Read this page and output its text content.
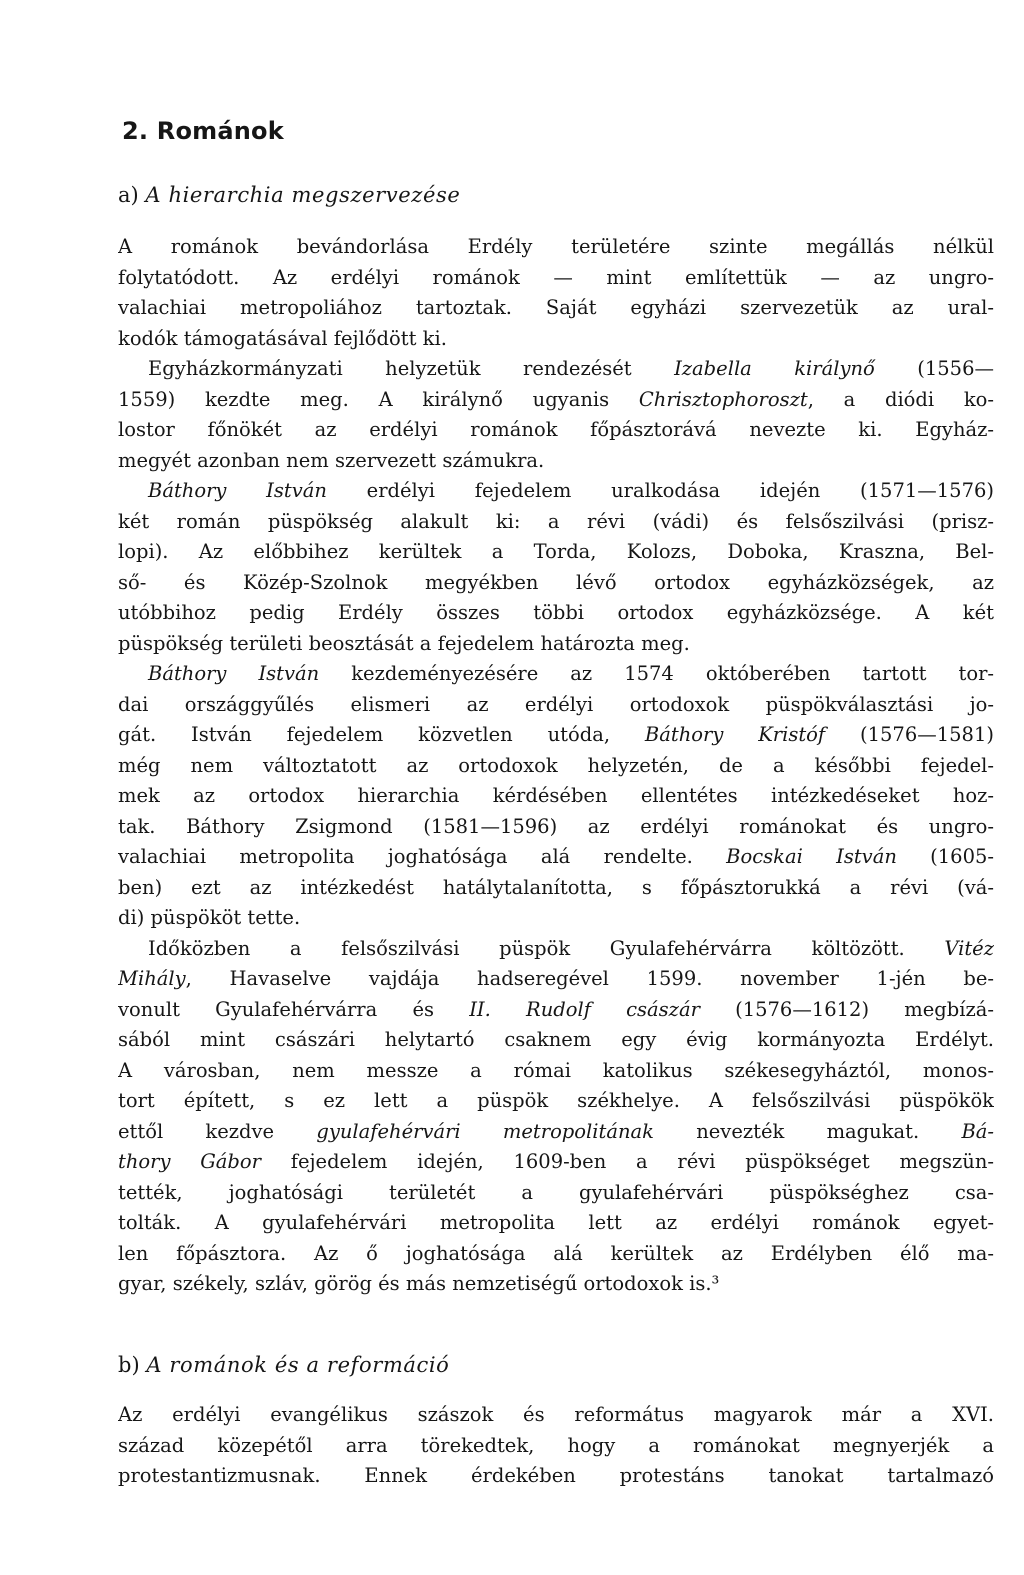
2. Románok
a) A hierarchia megszervezése
A románok bevándorlása Erdély területére szinte megállás nélkül
folytatódott. Az erdélyi románok — mint említettük — az ungro-
valachiai metropoliához tartoztak. Saját egyházi szervezetük az ural-
kodók támogatásával fejlődött ki.
Egyházkormányzati helyzetük rendezését Izabella királynő (1556—
1559) kezdte meg. A királynő ugyanis Chrisztophoroszt, a diódi ko-
lostor főnökét az erdélyi románok főpásztorává nevezte ki. Egyház-
megyét azonban nem szervezett számukra.
Báthory István erdélyi fejedelem uralkodása idején (1571—1576)
két román püspökség alakult ki: a révi (vádi) és felsőszilvási (prisz-
lopi). Az előbbihez kerültek a Torda, Kolozs, Doboka, Kraszna, Bel-
ső- és Közép-Szolnok megyékben lévő ortodox egyházközségek, az
utóbbihoz pedig Erdély összes többi ortodox egyházközsége. A két
püspökség területi beosztását a fejedelem határozta meg.
Báthory István kezdeményezésére az 1574 októberében tartott tor-
dai országgyűlés elismeri az erdélyi ortodoxok püspökválasztási jo-
gát. István fejedelem közvetlen utóda, Báthory Kristóf (1576—1581)
még nem változtatott az ortodoxok helyzetén, de a későbbi fejedel-
mek az ortodox hierarchia kérdésében ellentétes intézkedéseket hoz-
tak. Báthory Zsigmond (1581—1596) az erdélyi románokat és ungro-
valachiai metropolita joghatósága alá rendelte. Bocskai István (1605-
ben) ezt az intézkedést hatálytalanította, s főpásztorukká a révi (vá-
di) püspököt tette.
Időközben a felsőszilvási püspök Gyulafehérvárra költözött. Vitéz
Mihály, Havaselve vajdája hadseregével 1599. november 1-jén be-
vonult Gyulafehérvárra és II. Rudolf császár (1576—1612) megbízá-
sából mint császári helytartó csaknem egy évig kormányozta Erdélyt.
A városban, nem messze a római katolikus székesegyháztól, monos-
tort épített, s ez lett a püspök székhelye. A felsőszilvási püspökök
ettől kezdve gyulafehérvári metropolitának nevezték magukat. Bá-
thory Gábor fejedelem idején, 1609-ben a révi püspökséget megszün-
tették, joghatósági területét a gyulafehérvári püspökséghez csa-
tolták. A gyulafehérvári metropolita lett az erdélyi románok egyet-
len főpásztora. Az ő joghatósága alá kerültek az Erdélyben élő ma-
gyar, székely, szláv, görög és más nemzetiségű ortodoxok is.³
b) A románok és a reformáció
Az erdélyi evangélikus szászok és református magyarok már a XVI.
század közepétől arra törekedtek, hogy a románokat megnyerjék a
protestantizmusnak. Ennek érdekében protestáns tanokat tartalmazó
